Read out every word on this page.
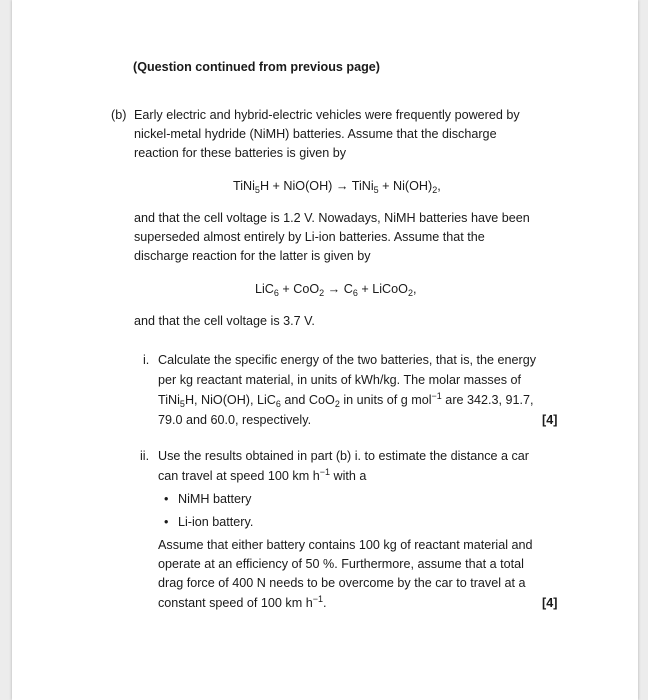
(Question continued from previous page)
(b) Early electric and hybrid-electric vehicles were frequently powered by
nickel-metal hydride (NiMH) batteries. Assume that the discharge
reaction for these batteries is given by
TiNi$_5$H + NiO(OH) → TiNi$_5$ + $Ni(OH)_2$,
and that the cell voltage is 1.2 V. Nowadays, NiMH batteries have been
superseded almost entirely by Li-ion batteries. Assume that the
discharge reaction for the latter is given by
$LiC_6 + CoO_2 \to C_6$ + LiCoO$_2$,
and that the cell voltage is 3.7 V.
i. Calculate the specific energy of the two batteries, that is, the energy
per kg reactant material, in units of kWh/kg. The molar masses of
TiNi$_5$H, NiO(OH), LiC$_6$ and CoO$_2$ in units of g mol$^{-1}$ are 342.3, 91.7,
79.0 and 60.0, respectively.	[4]
ii. Use the results obtained in part (b) i. to estimate the distance a car
can travel at speed 100 km $h^{-1}$ with a
• NiMH battery
• Li-ion battery.
Assume that either battery contains 100 kg of reactant material and
operate at an efficiency of 50 %. Furthermore, assume that a total
drag force of 400 N needs to be overcome by the car to travel at a
constant speed of 100 km $h^{-1}$.	[4]
